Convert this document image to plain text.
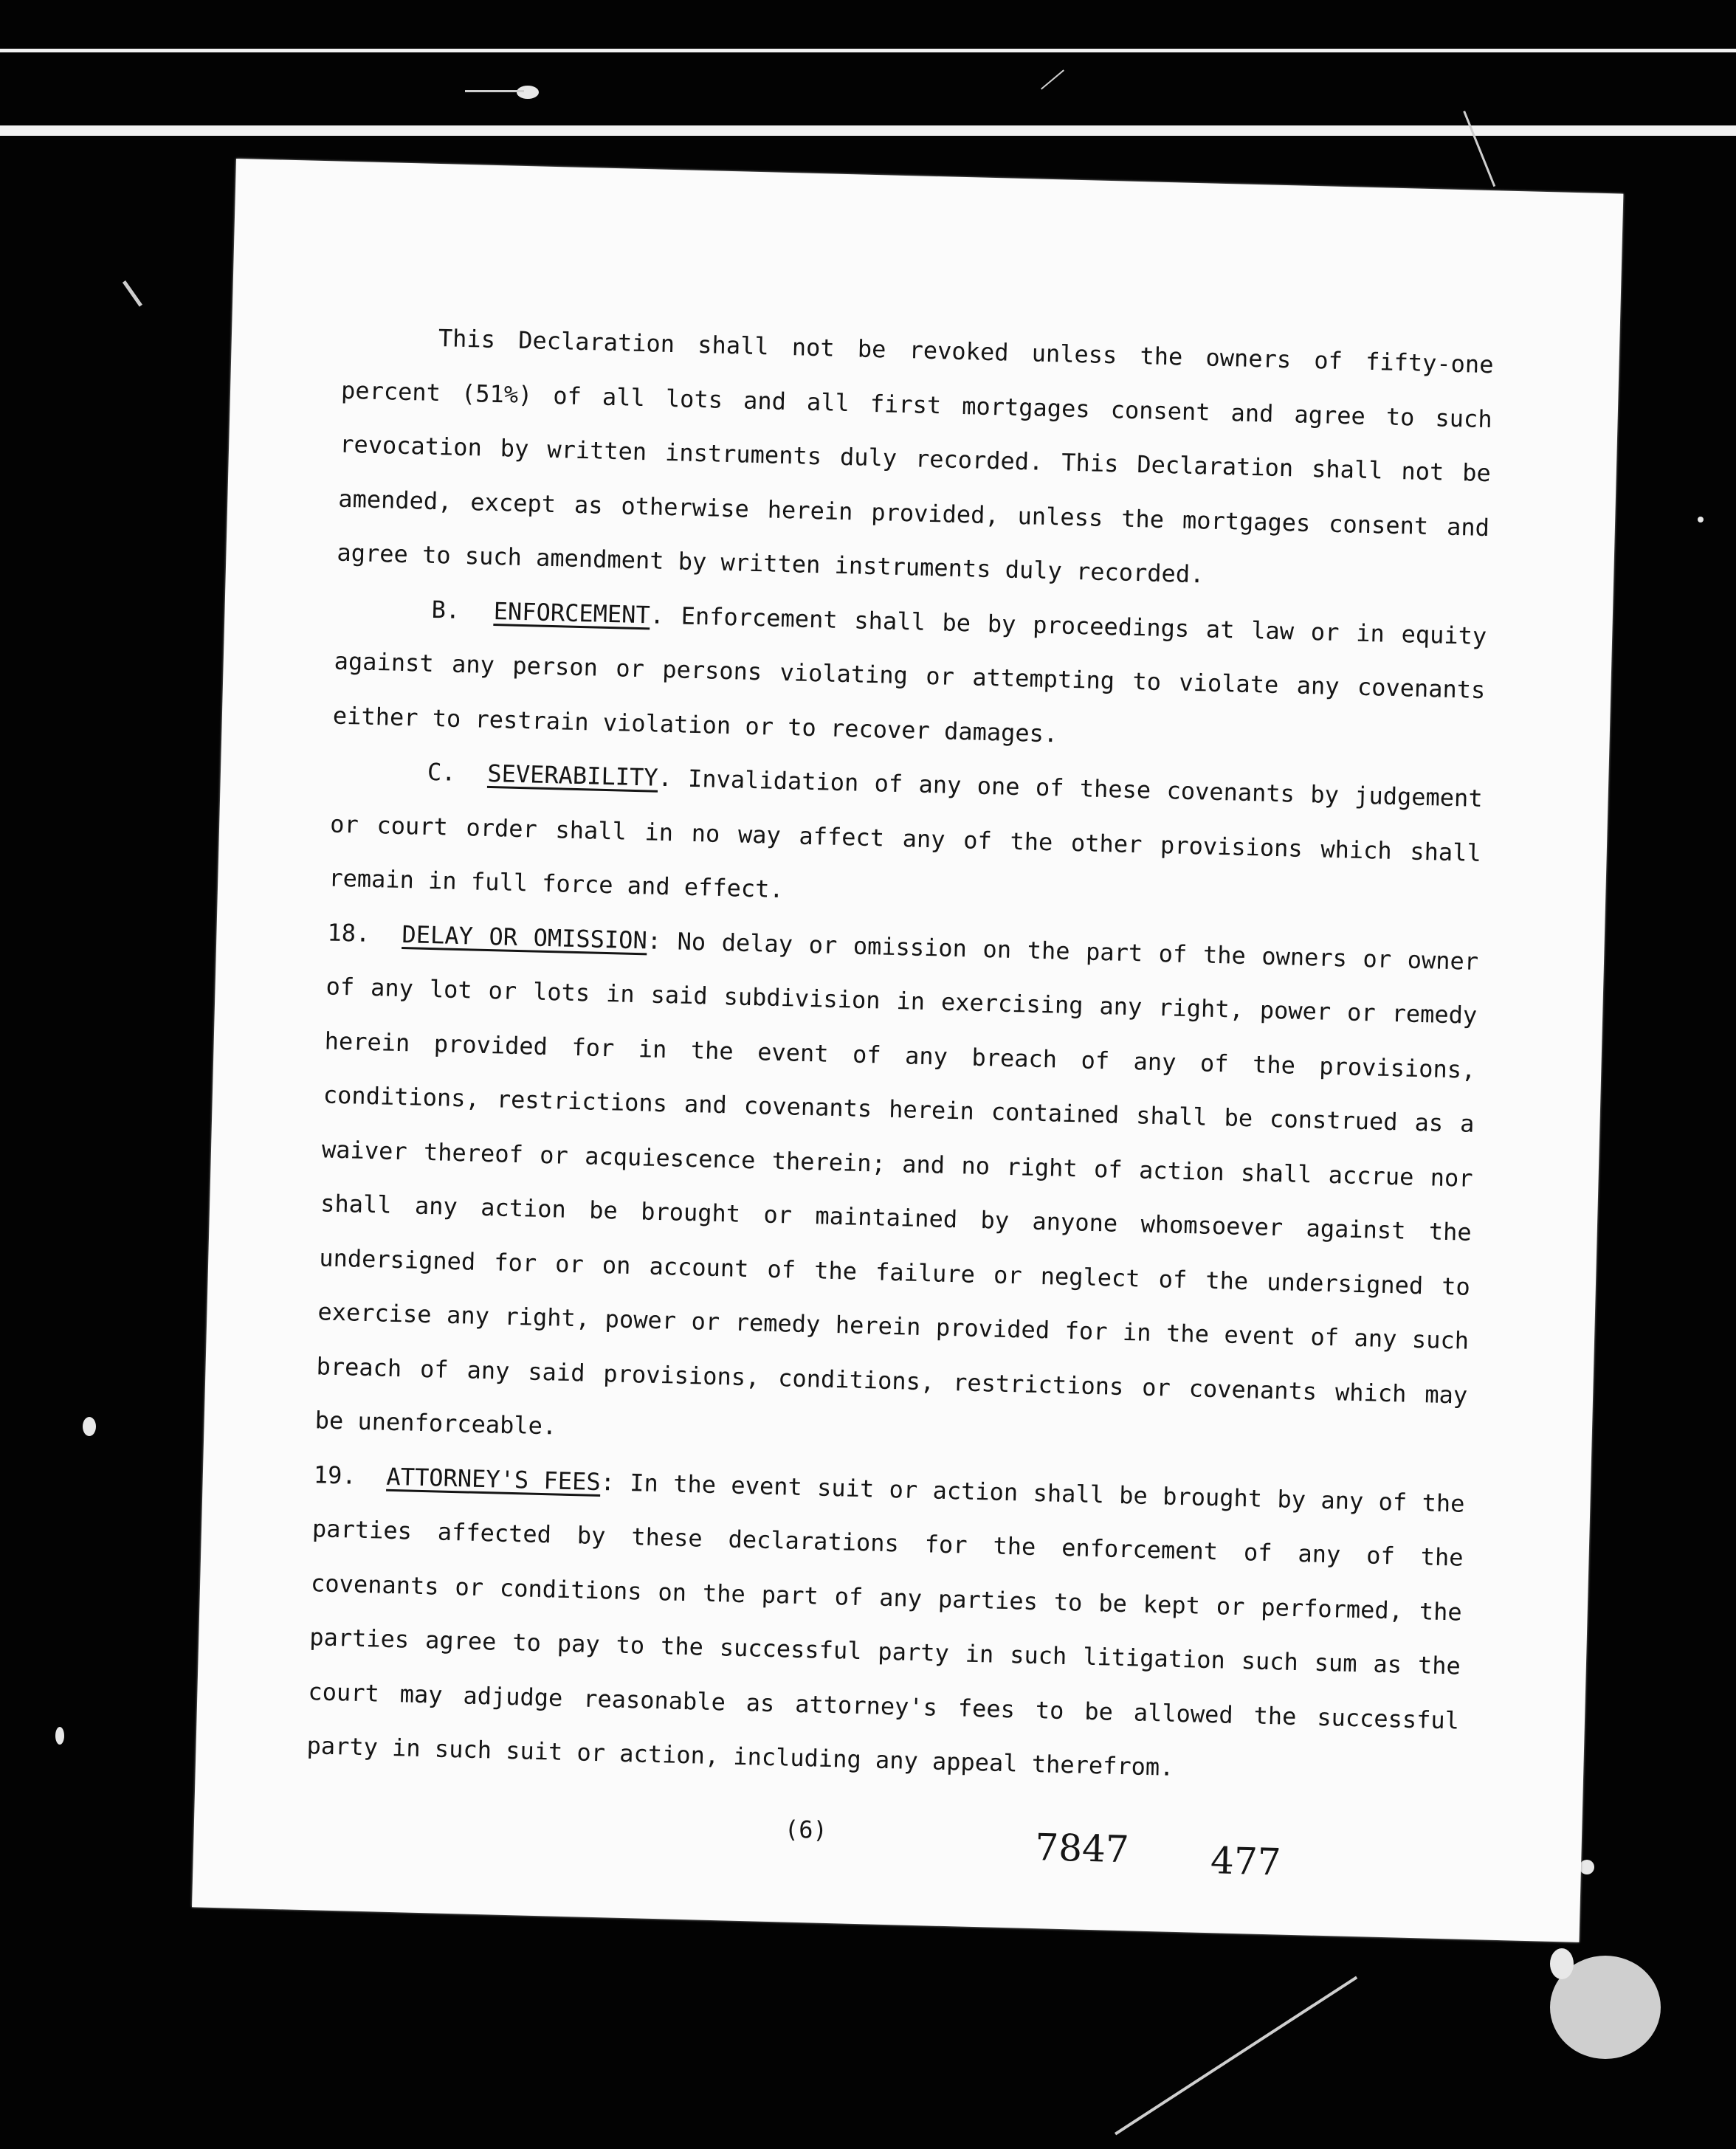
This Declaration shall not be revoked unless the owners of fifty-one percent (51%) of all lots and all first mortgages consent and agree to such revocation by written instruments duly recorded. This Declaration shall not be amended, except as otherwise herein provided, unless the mortgages consent and agree to such amendment by written instruments duly recorded.

B. ENFORCEMENT. Enforcement shall be by proceedings at law or in equity against any person or persons violating or attempting to violate any covenants either to restrain violation or to recover damages.

C. SEVERABILITY. Invalidation of any one of these covenants by judgement or court order shall in no way affect any of the other provisions which shall remain in full force and effect.

18. DELAY OR OMISSION: No delay or omission on the part of the owners or owner of any lot or lots in said subdivision in exercising any right, power or remedy herein provided for in the event of any breach of any of the provisions, conditions, restrictions and covenants herein contained shall be construed as a waiver thereof or acquiescence therein; and no right of action shall accrue nor shall any action be brought or maintained by anyone whomsoever against the undersigned for or on account of the failure or neglect of the undersigned to exercise any right, power or remedy herein provided for in the event of any such breach of any said provisions, conditions, restrictions or covenants which may be unenforceable.

19. ATTORNEY'S FEES: In the event suit or action shall be brought by any of the parties affected by these declarations for the enforcement of any of the covenants or conditions on the part of any parties to be kept or performed, the parties agree to pay to the successful party in such litigation such sum as the court may adjudge reasonable as attorney's fees to be allowed the successful party in such suit or action, including any appeal therefrom.

(6)	7847 477
